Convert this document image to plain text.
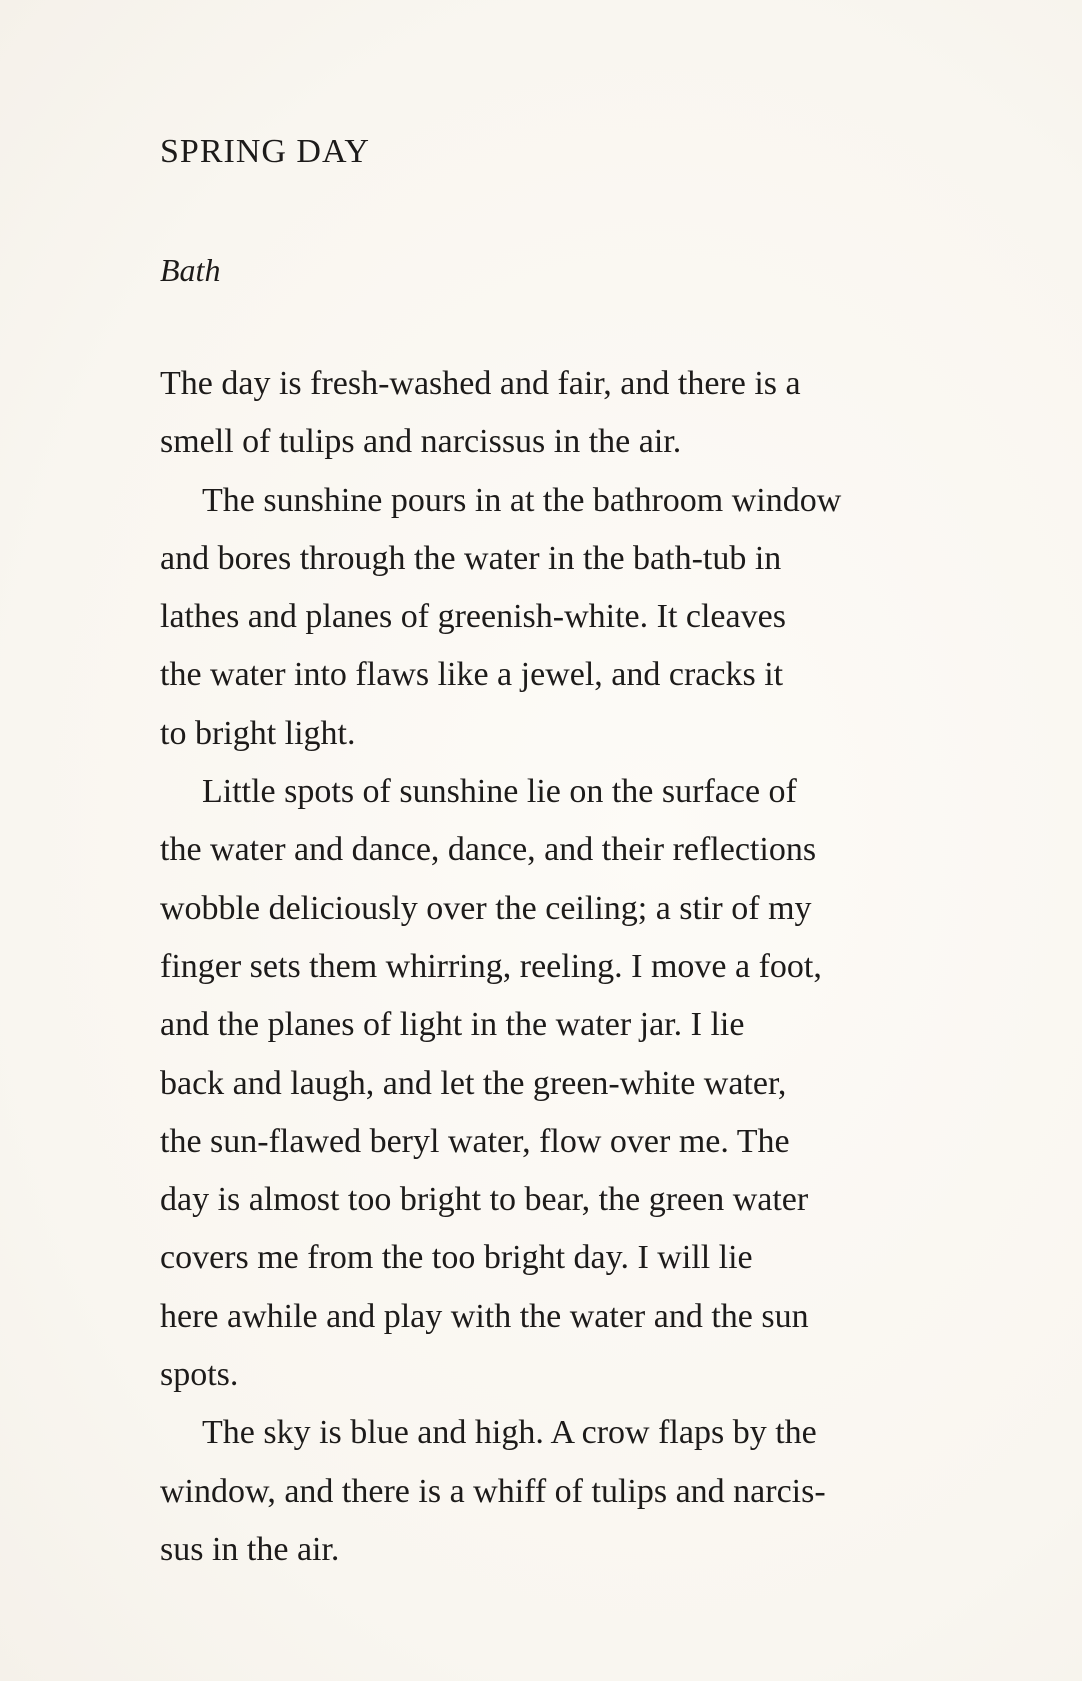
SPRING DAY
Bath
The day is fresh-washed and fair, and there is a
smell of tulips and narcissus in the air.
The sunshine pours in at the bathroom window
and bores through the water in the bath-tub in
lathes and planes of greenish-white. It cleaves
the water into flaws like a jewel, and cracks it
to bright light.
Little spots of sunshine lie on the surface of
the water and dance, dance, and their reflections
wobble deliciously over the ceiling; a stir of my
finger sets them whirring, reeling. I move a foot,
and the planes of light in the water jar. I lie
back and laugh, and let the green-white water,
the sun-flawed beryl water, flow over me. The
day is almost too bright to bear, the green water
covers me from the too bright day. I will lie
here awhile and play with the water and the sun
spots.
The sky is blue and high. A crow flaps by the
window, and there is a whiff of tulips and narcis-
sus in the air.
